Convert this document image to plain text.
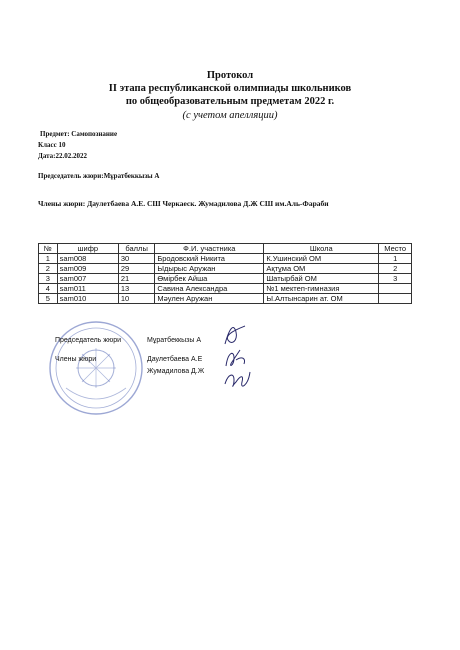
Протокол
II этапа республиканской олимпиады школьников
по общеобразовательным предметам 2022 г.
(с учетом апелляции)
Предмет: Самопознание
Класс 10
Дата:22.02.2022
Председатель жюри:Мұратбеккызы А
Члены жюри: Даулетбаева А.Е. СШ Черкаеск. Жумадилова Д.Ж СШ им.Аль-Фараби
№	шифр	баллы	Ф.И. участника	Школа	Место
1	sam008	30	Бродовский Никита	К.Ушинский ОМ	1
2	sam009	29	Ыдырыс Аружан	Ақтұма ОМ	2
3	sam007	21	Өмірбек Айша	Шатырбай ОМ	3
4	sam011	13	Савина Александра	№1 мектеп-гимназия	
5	sam010	10	Мәулен Аружан	Ы.Алтынсарин ат. ОМ	
Председатель жюри	Мұратбеккызы А
Члены жюри	Даулетбаева А.Е
Жумадилова Д.Ж
